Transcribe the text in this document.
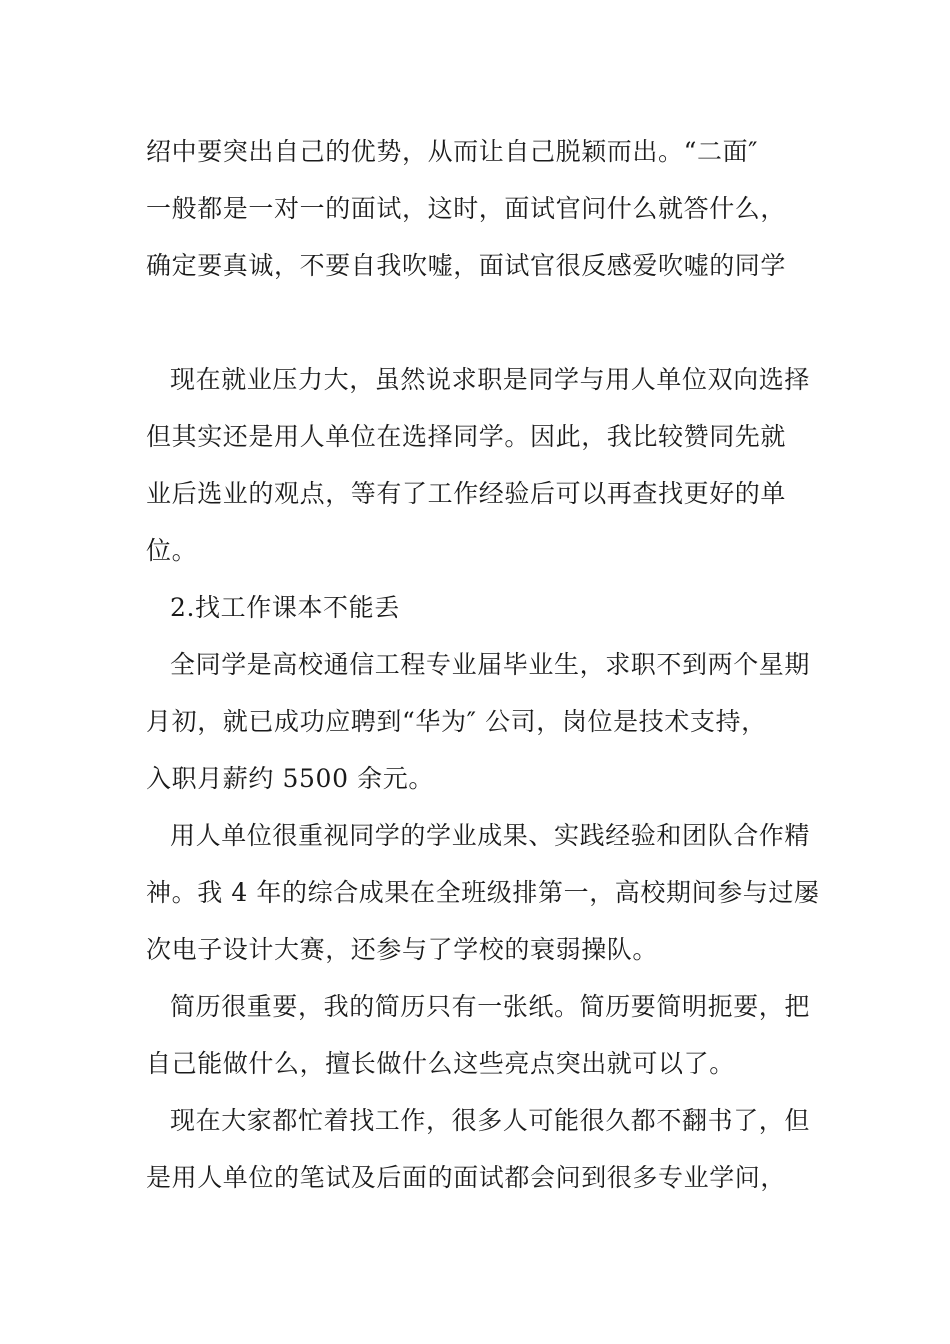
绍中要突出自己的优势，从而让自己脱颖而出。“二面″
一般都是一对一的面试，这时，面试官问什么就答什么，
确定要真诚，不要自我吹嘘，面试官很反感爱吹嘘的同学
现在就业压力大，虽然说求职是同学与用人单位双向选择
但其实还是用人单位在选择同学。因此，我比较赞同先就
业后选业的观点，等有了工作经验后可以再查找更好的单
位。
2.找工作课本不能丢
全同学是高校通信工程专业届毕业生，求职不到两个星期
月初，就已成功应聘到“华为″ 公司，岗位是技术支持，
入职月薪约 5500 余元。
用人单位很重视同学的学业成果、实践经验和团队合作精
神。我 4 年的综合成果在全班级排第一，高校期间参与过屡
次电子设计大赛，还参与了学校的衰弱操队。
简历很重要，我的简历只有一张纸。简历要简明扼要，把
自己能做什么，擅长做什么这些亮点突出就可以了。
现在大家都忙着找工作，很多人可能很久都不翻书了，但
是用人单位的笔试及后面的面试都会问到很多专业学问，
